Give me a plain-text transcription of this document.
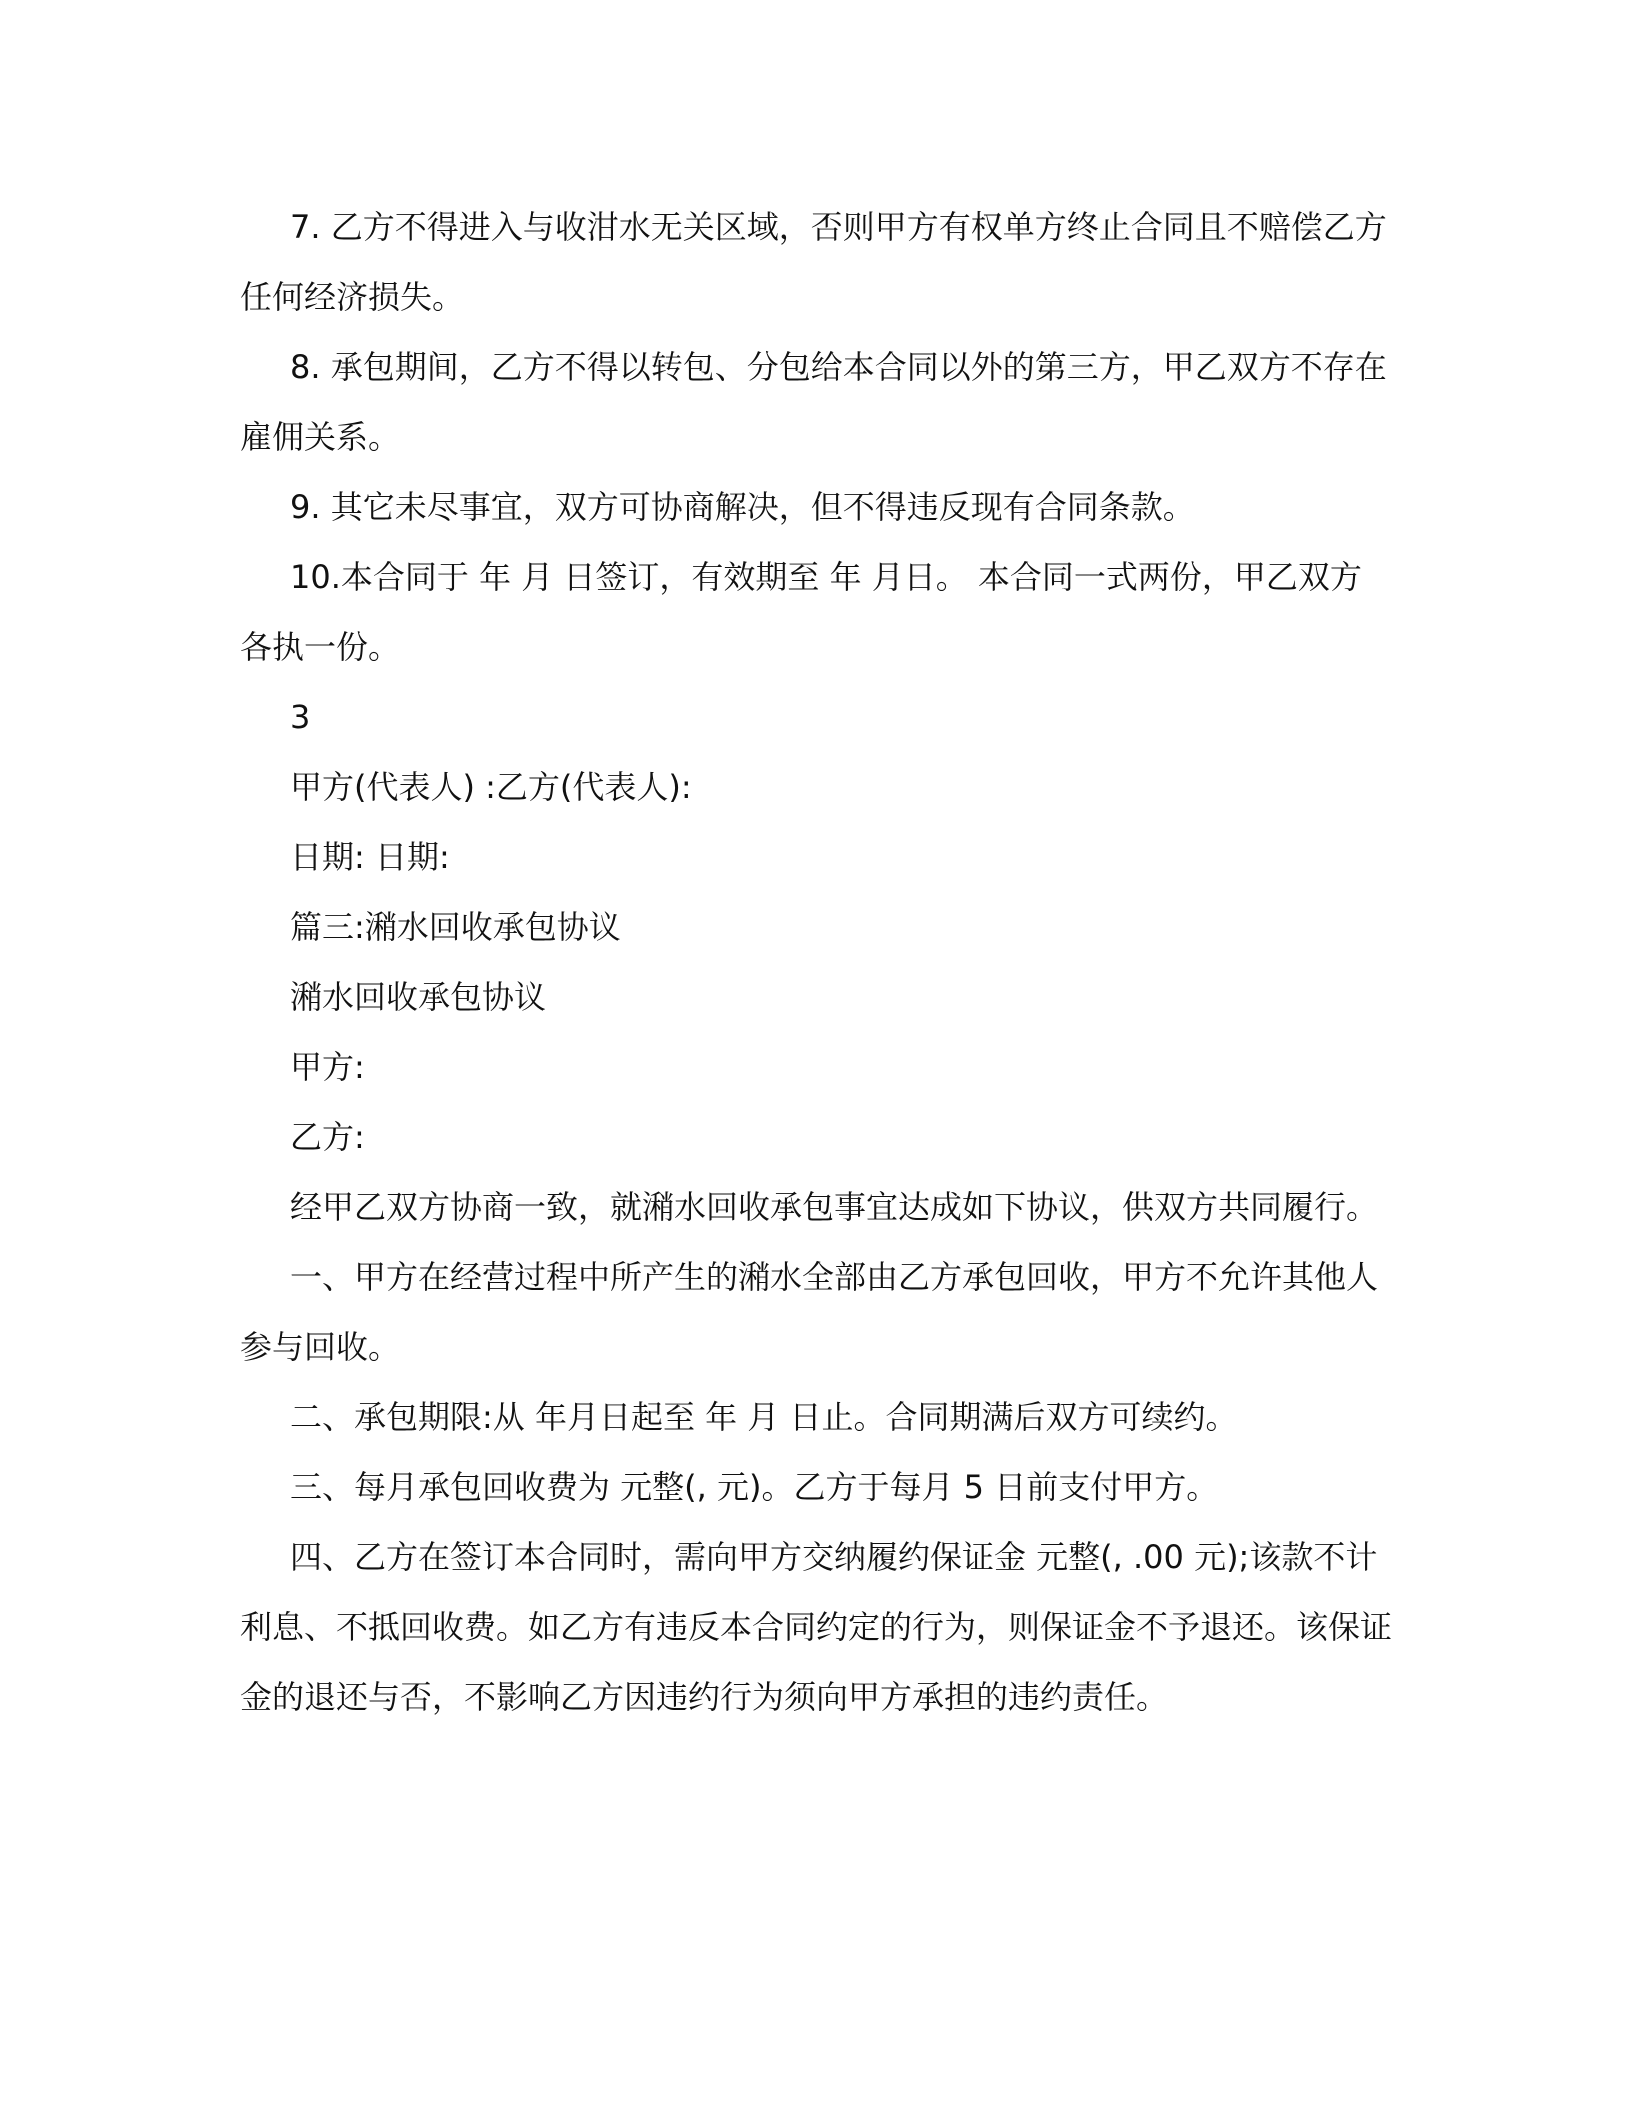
7. 乙方不得进入与收泔水无关区域，否则甲方有权单方终止合同且不赔偿乙方任何经济损失。

8. 承包期间，乙方不得以转包、分包给本合同以外的第三方，甲乙双方不存在雇佣关系。

9. 其它未尽事宜，双方可协商解决，但不得违反现有合同条款。

10.本合同于 年 月 日签订，有效期至 年 月日。 本合同一式两份，甲乙双方各执一份。

3

甲方(代表人) :乙方(代表人):

日期: 日期:

篇三:潲水回收承包协议

潲水回收承包协议

甲方:

乙方:

经甲乙双方协商一致，就潲水回收承包事宜达成如下协议，供双方共同履行。

一、甲方在经营过程中所产生的潲水全部由乙方承包回收，甲方不允许其他人参与回收。

二、承包期限:从 年月日起至 年 月 日止。合同期满后双方可续约。

三、每月承包回收费为 元整(, 元)。乙方于每月 5 日前支付甲方。

四、乙方在签订本合同时，需向甲方交纳履约保证金 元整(, .00 元);该款不计利息、不抵回收费。如乙方有违反本合同约定的行为，则保证金不予退还。该保证金的退还与否，不影响乙方因违约行为须向甲方承担的违约责任。
